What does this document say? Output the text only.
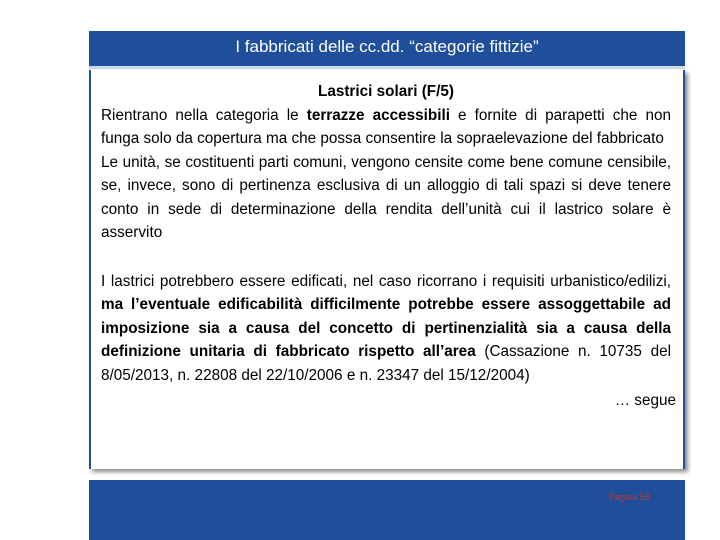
I fabbricati delle cc.dd. “categorie fittizie”
Lastrici solari (F/5)
Rientrano nella categoria le terrazze accessibili e fornite di parapetti che non funga solo da copertura ma che possa consentire la sopraelevazione del fabbricato
Le unità, se costituenti parti comuni, vengono censite come bene comune censibile, se, invece, sono di pertinenza esclusiva di un alloggio di tali spazi si deve tenere conto in sede di determinazione della rendita dell’unità cui il lastrico solare è asservito
I lastrici potrebbero essere edificati, nel caso ricorrano i requisiti urbanistico/edilizi, ma l’eventuale edificabilità difficilmente potrebbe essere assoggettabile ad imposizione sia a causa del concetto di pertinenzialità sia a causa della definizione unitaria di fabbricato rispetto all’area (Cassazione n. 10735 del 8/05/2013, n. 22808 del 22/10/2006 e n. 23347 del 15/12/2004)
… segue
Pagina 58
